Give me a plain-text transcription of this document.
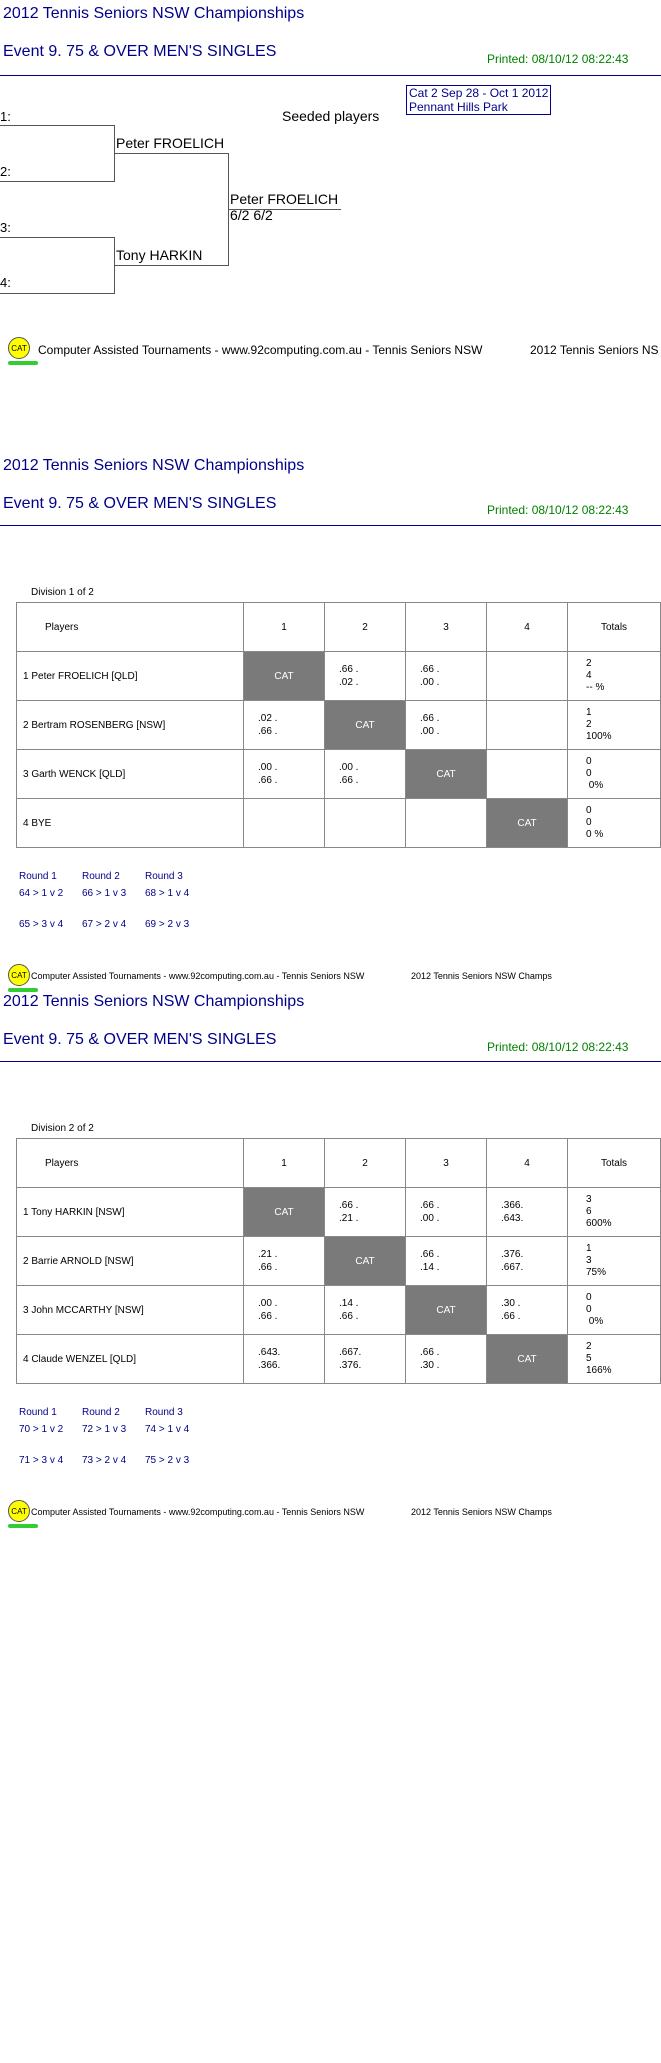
2012 Tennis Seniors NSW Championships
Event 9. 75 & OVER MEN'S SINGLES	Printed: 08/10/12 08:22:43
Cat 2 Sep 28 - Oct 1 2012
Pennant Hills Park
Seeded players
1:
2:
3:
4:
Peter FROELICH
Tony HARKIN
Peter FROELICH
6/2 6/2
CAT Computer Assisted Tournaments - www.92computing.com.au - Tennis Seniors NSW	2012 Tennis Seniors NS
2012 Tennis Seniors NSW Championships
Event 9. 75 & OVER MEN'S SINGLES	Printed: 08/10/12 08:22:43
Division 1 of 2
Players	1	2	3	4	Totals
1 Peter FROELICH [QLD]	CAT	.66 .
.02 .	.66 .
.00 .		2
4
-- %
2 Bertram ROSENBERG [NSW]	.02 .
.66 .	CAT	.66 .
.00 .		1
2
100%
3 Garth WENCK [QLD]	.00 .
.66 .	.00 .
.66 .	CAT		0
0
0%
4 BYE				CAT	0
0
0 %
Round 1	Round 2	Round 3
64 > 1 v 2 66 > 1 v 3 68 > 1 v 4
65 > 3 v 4 67 > 2 v 4 69 > 2 v 3
CAT Computer Assisted Tournaments - www.92computing.com.au - Tennis Seniors NSW	2012 Tennis Seniors NSW Champs
2012 Tennis Seniors NSW Championships
Event 9. 75 & OVER MEN'S SINGLES	Printed: 08/10/12 08:22:43
Division 2 of 2
Players	1	2	3	4	Totals
1 Tony HARKIN [NSW]	CAT	.66 .
.21 .	.66 .
.00 .	.366.
.643.	3
6
600%
2 Barrie ARNOLD [NSW]	.21 .
.66 .	CAT	.66 .
.14 .	.376.
.667.	1
3
75%
3 John MCCARTHY [NSW]	.00 .
.66 .	.14 .
.66 .	CAT	.30 .
.66 .	0
0
0%
4 Claude WENZEL [QLD]	.643.
.366.	.667.
.376.	.66 .
.30 .	CAT	2
5
166%
Round 1	Round 2	Round 3
70 > 1 v 2 72 > 1 v 3 74 > 1 v 4
71 > 3 v 4 73 > 2 v 4 75 > 2 v 3
CAT Computer Assisted Tournaments - www.92computing.com.au - Tennis Seniors NSW	2012 Tennis Seniors NSW Champs
